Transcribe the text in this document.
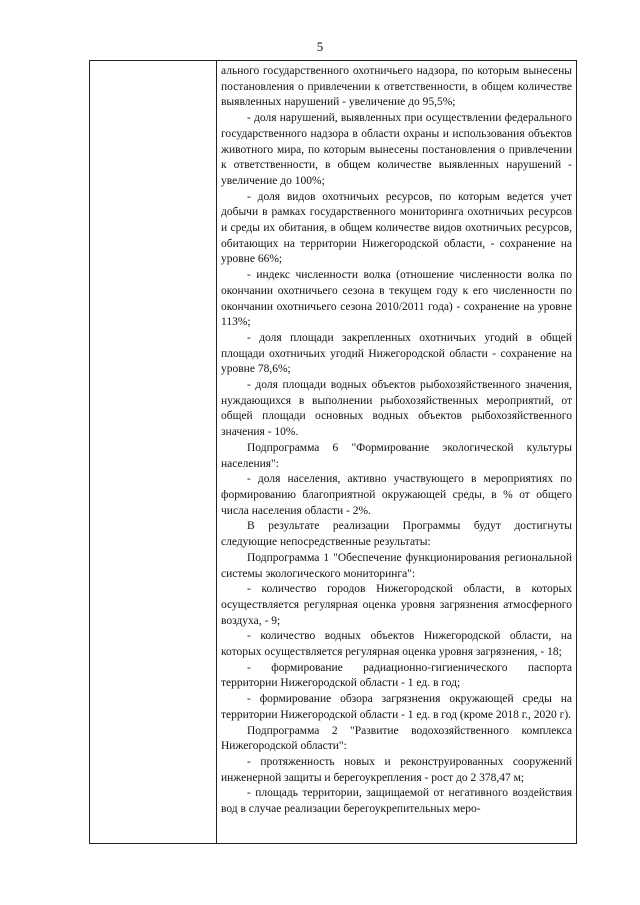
5

ального государственного охотничьего надзора, по которым вынесены постановления о привлечении к ответственности, в общем количестве выявленных нарушений - увеличение до 95,5%;

- доля нарушений, выявленных при осуществлении федерального государственного надзора в области охраны и использования объектов животного мира, по которым вынесены постановления о привлечении к ответственности, в общем количестве выявленных нарушений - увеличение до 100%;

- доля видов охотничьих ресурсов, по которым ведется учет добычи в рамках государственного мониторинга охотничьих ресурсов и среды их обитания, в общем количестве видов охотничьих ресурсов, обитающих на территории Нижегородской области, - сохранение на уровне 66%;

- индекс численности волка (отношение численности волка по окончании охотничьего сезона в текущем году к его численности по окончании охотничьего сезона 2010/2011 года) - сохранение на уровне 113%;

- доля площади закрепленных охотничьих угодий в общей площади охотничьих угодий Нижегородской области - сохранение на уровне 78,6%;

- доля площади водных объектов рыбохозяйственного значения, нуждающихся в выполнении рыбохозяйственных мероприятий, от общей площади основных водных объектов рыбохозяйственного значения - 10%.

Подпрограмма 6 "Формирование экологической культуры населения":

- доля населения, активно участвующего в мероприятиях по формированию благоприятной окружающей среды, в % от общего числа населения области - 2%.

В результате реализации Программы будут достигнуты следующие непосредственные результаты:

Подпрограмма 1 "Обеспечение функционирования региональной системы экологического мониторинга":

- количество городов Нижегородской области, в которых осуществляется регулярная оценка уровня загрязнения атмосферного воздуха, - 9;

- количество водных объектов Нижегородской области, на которых осуществляется регулярная оценка уровня загрязнения, - 18;

- формирование радиационно-гигиенического паспорта территории Нижегородской области - 1 ед. в год;

- формирование обзора загрязнения окружающей среды на территории Нижегородской области - 1 ед. в год (кроме 2018 г., 2020 г).

Подпрограмма 2 "Развитие водохозяйственного комплекса Нижегородской области":

- протяженность новых и реконструированных сооружений инженерной защиты и берегоукрепления - рост до 2 378,47 м;

- площадь территории, защищаемой от негативного воздействия вод в случае реализации берегоукрепительных меро-
